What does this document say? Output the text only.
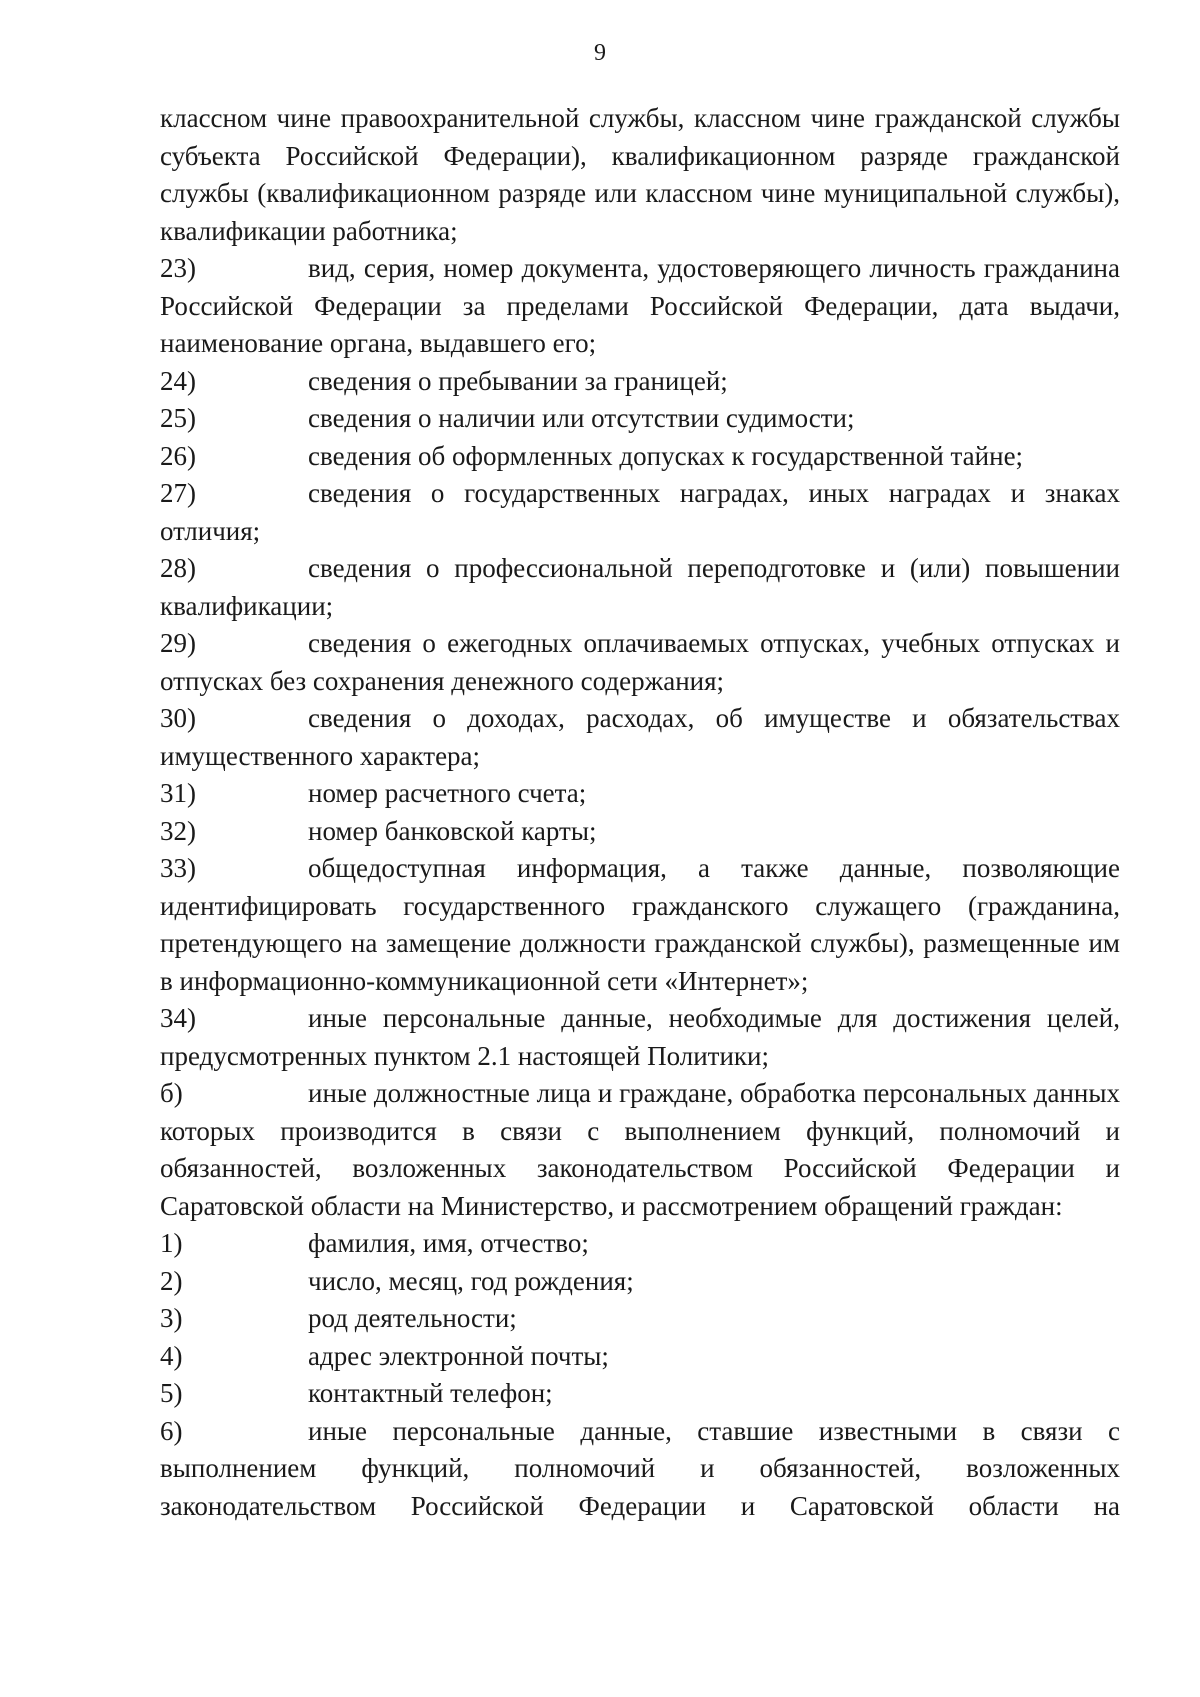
9

классном чине правоохранительной службы, классном чине гражданской службы субъекта Российской Федерации), квалификационном разряде гражданской службы (квалификационном разряде или классном чине муниципальной службы), квалификации работника;

23)	вид, серия, номер документа, удостоверяющего личность гражданина Российской Федерации за пределами Российской Федерации, дата выдачи, наименование органа, выдавшего его;

24)	сведения о пребывании за границей;

25)	сведения о наличии или отсутствии судимости;

26)	сведения об оформленных допусках к государственной тайне;

27)	сведения о государственных наградах, иных наградах и знаках отличия;

28)	сведения о профессиональной переподготовке и (или) повышении квалификации;

29)	сведения о ежегодных оплачиваемых отпусках, учебных отпусках и отпусках без сохранения денежного содержания;

30)	сведения о доходах, расходах, об имуществе и обязательствах имущественного характера;

31)	номер расчетного счета;

32)	номер банковской карты;

33)	общедоступная информация, а также данные, позволяющие идентифицировать государственного гражданского служащего (гражданина, претендующего на замещение должности гражданской службы), размещенные им в информационно-коммуникационной сети «Интернет»;

34)	иные персональные данные, необходимые для достижения целей, предусмотренных пунктом 2.1 настоящей Политики;

б)	иные должностные лица и граждане, обработка персональных данных которых производится в связи с выполнением функций, полномочий и обязанностей, возложенных законодательством Российской Федерации и Саратовской области на Министерство, и рассмотрением обращений граждан:

1)	фамилия, имя, отчество;

2)	число, месяц, год рождения;

3)	род деятельности;

4)	адрес электронной почты;

5)	контактный телефон;

6)	иные персональные данные, ставшие известными в связи с выполнением функций, полномочий и обязанностей, возложенных законодательством Российской Федерации и Саратовской области на
